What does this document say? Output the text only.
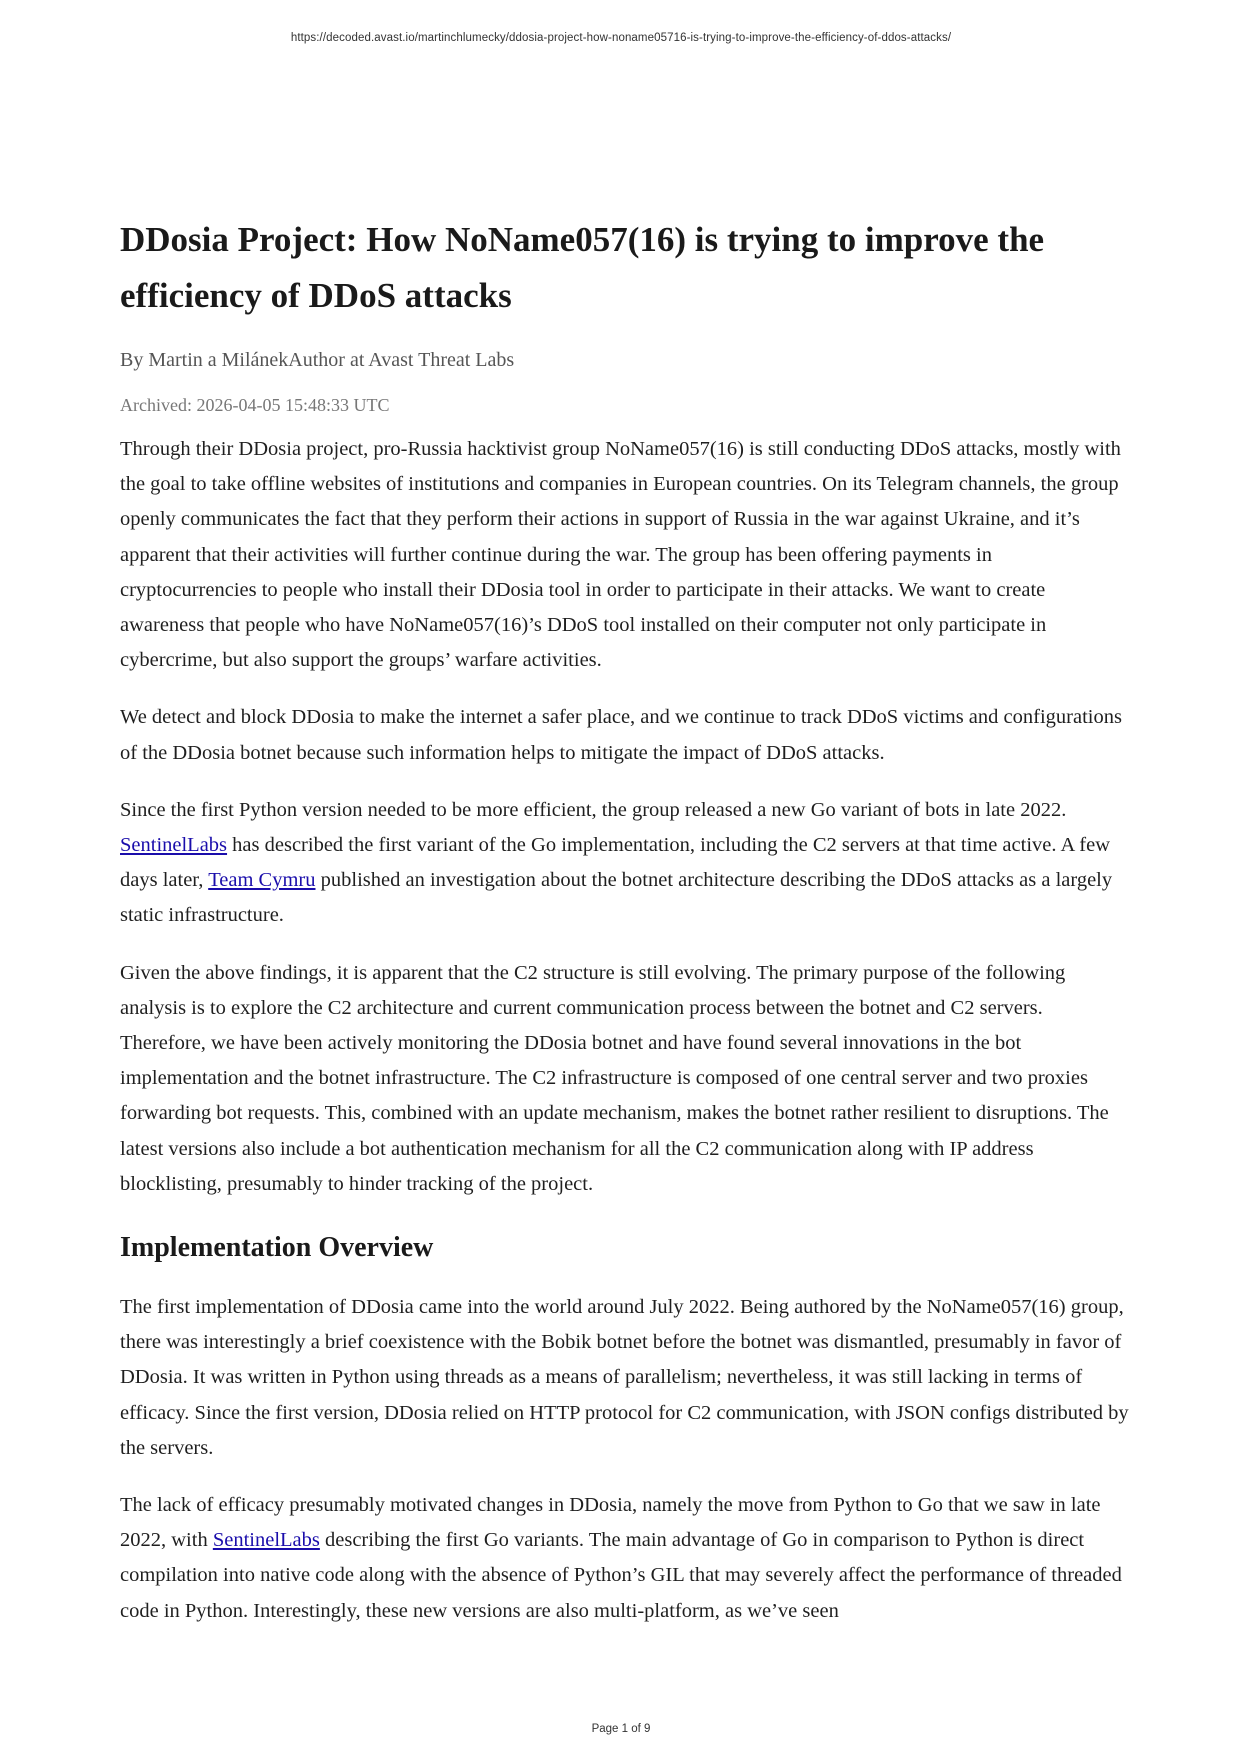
https://decoded.avast.io/martinchlumecky/ddosia-project-how-noname05716-is-trying-to-improve-the-efficiency-of-ddos-attacks/
DDosia Project: How NoName057(16) is trying to improve the efficiency of DDoS attacks

By Martin a MilánekAuthor at Avast Threat Labs

Archived: 2026-04-05 15:48:33 UTC

Through their DDosia project, pro-Russia hacktivist group NoName057(16) is still conducting DDoS attacks, mostly with the goal to take offline websites of institutions and companies in European countries. On its Telegram channels, the group openly communicates the fact that they perform their actions in support of Russia in the war against Ukraine, and it’s apparent that their activities will further continue during the war. The group has been offering payments in cryptocurrencies to people who install their DDosia tool in order to participate in their attacks. We want to create awareness that people who have NoName057(16)’s DDoS tool installed on their computer not only participate in cybercrime, but also support the groups’ warfare activities.

We detect and block DDosia to make the internet a safer place, and we continue to track DDoS victims and configurations of the DDosia botnet because such information helps to mitigate the impact of DDoS attacks.

Since the first Python version needed to be more efficient, the group released a new Go variant of bots in late 2022. SentinelLabs has described the first variant of the Go implementation, including the C2 servers at that time active. A few days later, Team Cymru published an investigation about the botnet architecture describing the DDoS attacks as a largely static infrastructure.

Given the above findings, it is apparent that the C2 structure is still evolving. The primary purpose of the following analysis is to explore the C2 architecture and current communication process between the botnet and C2 servers. Therefore, we have been actively monitoring the DDosia botnet and have found several innovations in the bot implementation and the botnet infrastructure. The C2 infrastructure is composed of one central server and two proxies forwarding bot requests. This, combined with an update mechanism, makes the botnet rather resilient to disruptions. The latest versions also include a bot authentication mechanism for all the C2 communication along with IP address blocklisting, presumably to hinder tracking of the project.

Implementation Overview

The first implementation of DDosia came into the world around July 2022. Being authored by the NoName057(16) group, there was interestingly a brief coexistence with the Bobik botnet before the botnet was dismantled, presumably in favor of DDosia. It was written in Python using threads as a means of parallelism; nevertheless, it was still lacking in terms of efficacy. Since the first version, DDosia relied on HTTP protocol for C2 communication, with JSON configs distributed by the servers.

The lack of efficacy presumably motivated changes in DDosia, namely the move from Python to Go that we saw in late 2022, with SentinelLabs describing the first Go variants. The main advantage of Go in comparison to Python is direct compilation into native code along with the absence of Python’s GIL that may severely affect the performance of threaded code in Python. Interestingly, these new versions are also multi-platform, as we’ve seen

Page 1 of 9
